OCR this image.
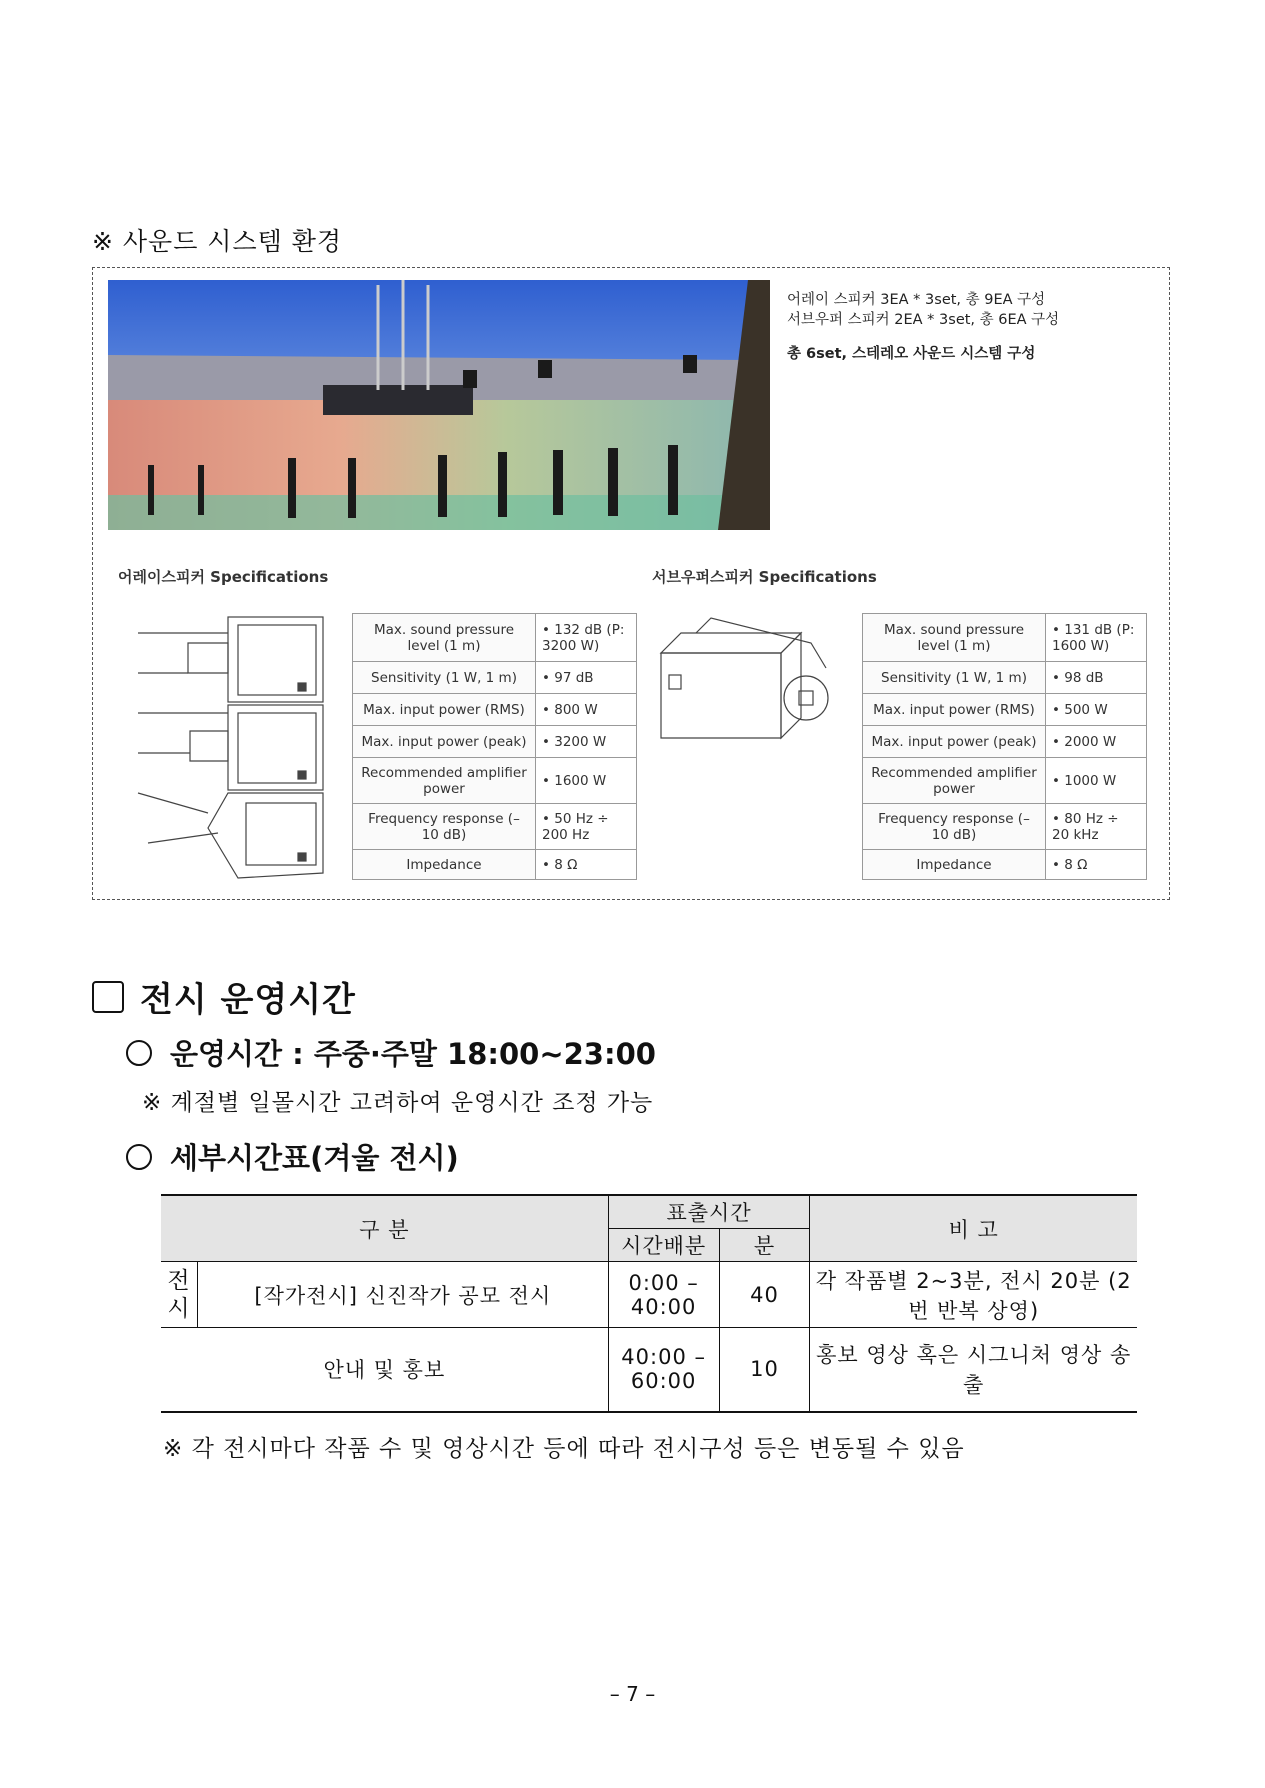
※ 사운드 시스템 환경
어레이 스피커 3EA * 3set, 총 9EA 구성
서브우퍼 스피커 2EA * 3set, 총 6EA 구성
총 6set, 스테레오 사운드 시스템 구성
어레이스피커 Specifications	서브우퍼스피커 Specifications
Max. sound pressure level (1 m)	• 132 dB (P: 3200 W)
Sensitivity (1 W, 1 m)	• 97 dB
Max. input power (RMS)	• 800 W
Max. input power (peak)	• 3200 W
Recommended amplifier power	• 1600 W
Frequency response (– 10 dB)	• 50 Hz ÷ 200 Hz
Impedance	• 8 Ω
Max. sound pressure level (1 m)	• 131 dB (P: 1600 W)
Sensitivity (1 W, 1 m)	• 98 dB
Max. input power (RMS)	• 500 W
Max. input power (peak)	• 2000 W
Recommended amplifier power	• 1000 W
Frequency response (– 10 dB)	• 80 Hz ÷ 20 kHz
Impedance	• 8 Ω
전시 운영시간
운영시간 : 주중·주말 18:00~23:00
※ 계절별 일몰시간 고려하여 운영시간 조정 가능
세부시간표(겨울 전시)
구 분		표출시간		비 고
		시간배분	분	
전시	[작가전시] 신진작가 공모 전시	0:00 – 40:00	40	각 작품별 2~3분, 전시 20분 (2번 반복 상영)
안내 및 홍보		40:00 – 60:00	10	홍보 영상 혹은 시그니처 영상 송출
※ 각 전시마다 작품 수 및 영상시간 등에 따라 전시구성 등은 변동될 수 있음
– 7 –
